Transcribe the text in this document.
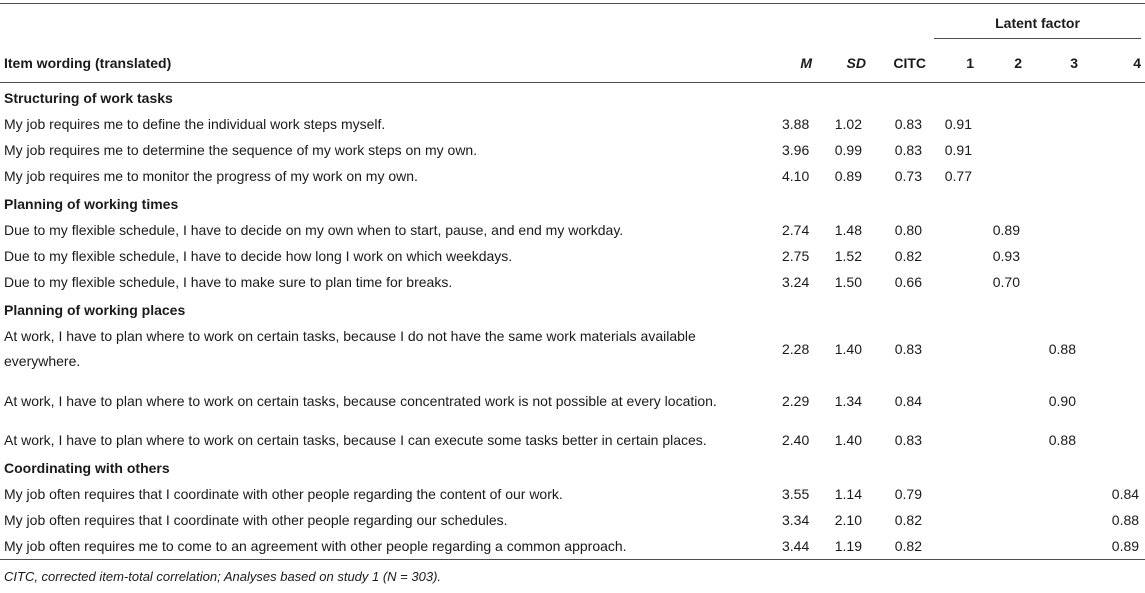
				Latent factor			
Item wording (translated)	M	SD	CITC	1	2	3	4
Structuring of work tasks							
My job requires me to define the individual work steps myself.	3.88	1.02	0.83	0.91			
My job requires me to determine the sequence of my work steps on my own.	3.96	0.99	0.83	0.91			
My job requires me to monitor the progress of my work on my own.	4.10	0.89	0.73	0.77			
Planning of working times							
Due to my flexible schedule, I have to decide on my own when to start, pause, and end my workday.	2.74	1.48	0.80		0.89		
Due to my flexible schedule, I have to decide how long I work on which weekdays.	2.75	1.52	0.82		0.93		
Due to my flexible schedule, I have to make sure to plan time for breaks.	3.24	1.50	0.66		0.70		
Planning of working places							
At work, I have to plan where to work on certain tasks, because I do not have the same work materials available everywhere.	2.28	1.40	0.83			0.88	
At work, I have to plan where to work on certain tasks, because concentrated work is not possible at every location.	2.29	1.34	0.84			0.90	
At work, I have to plan where to work on certain tasks, because I can execute some tasks better in certain places.	2.40	1.40	0.83			0.88	
Coordinating with others							
My job often requires that I coordinate with other people regarding the content of our work.	3.55	1.14	0.79				0.84
My job often requires that I coordinate with other people regarding our schedules.	3.34	2.10	0.82				0.88
My job often requires me to come to an agreement with other people regarding a common approach.	3.44	1.19	0.82				0.89
CITC, corrected item-total correlation; Analyses based on study 1 (N = 303).
